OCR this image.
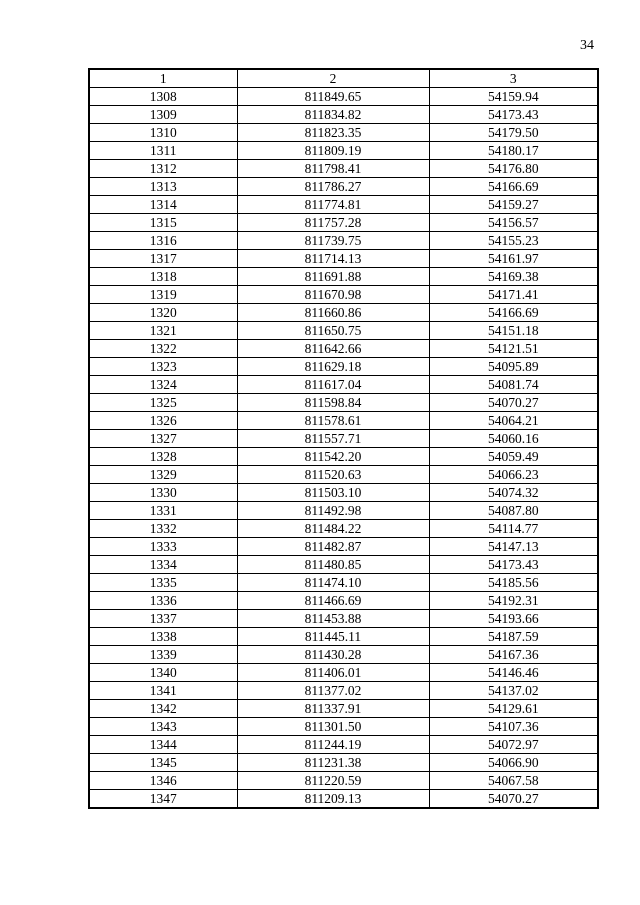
34
1	2	3
1308	811849.65	54159.94
1309	811834.82	54173.43
1310	811823.35	54179.50
1311	811809.19	54180.17
1312	811798.41	54176.80
1313	811786.27	54166.69
1314	811774.81	54159.27
1315	811757.28	54156.57
1316	811739.75	54155.23
1317	811714.13	54161.97
1318	811691.88	54169.38
1319	811670.98	54171.41
1320	811660.86	54166.69
1321	811650.75	54151.18
1322	811642.66	54121.51
1323	811629.18	54095.89
1324	811617.04	54081.74
1325	811598.84	54070.27
1326	811578.61	54064.21
1327	811557.71	54060.16
1328	811542.20	54059.49
1329	811520.63	54066.23
1330	811503.10	54074.32
1331	811492.98	54087.80
1332	811484.22	54114.77
1333	811482.87	54147.13
1334	811480.85	54173.43
1335	811474.10	54185.56
1336	811466.69	54192.31
1337	811453.88	54193.66
1338	811445.11	54187.59
1339	811430.28	54167.36
1340	811406.01	54146.46
1341	811377.02	54137.02
1342	811337.91	54129.61
1343	811301.50	54107.36
1344	811244.19	54072.97
1345	811231.38	54066.90
1346	811220.59	54067.58
1347	811209.13	54070.27
